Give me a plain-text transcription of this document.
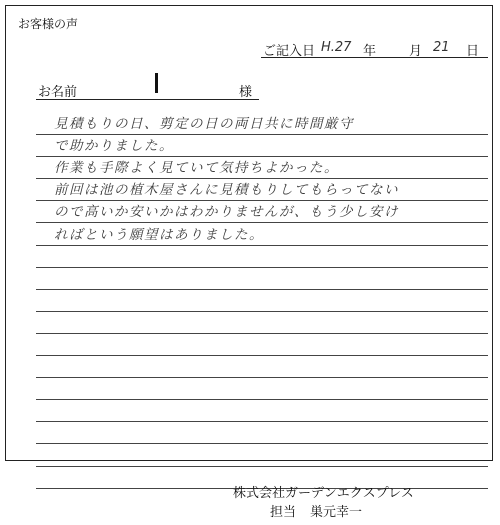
お客様の声
ご記入日 H.27 年	月 21 日
お名前	様
見積もりの日、剪定の日の両日共に時間厳守
で助かりました。
作業も手際よく見ていて気持ちよかった。
前回は池の植木屋さんに見積もりしてもらってない
ので高いか安いかはわかりませんが、もう少し安け
ればという願望はありました。
株式会社ガーデンエクスプレス
担当 巣元幸一
